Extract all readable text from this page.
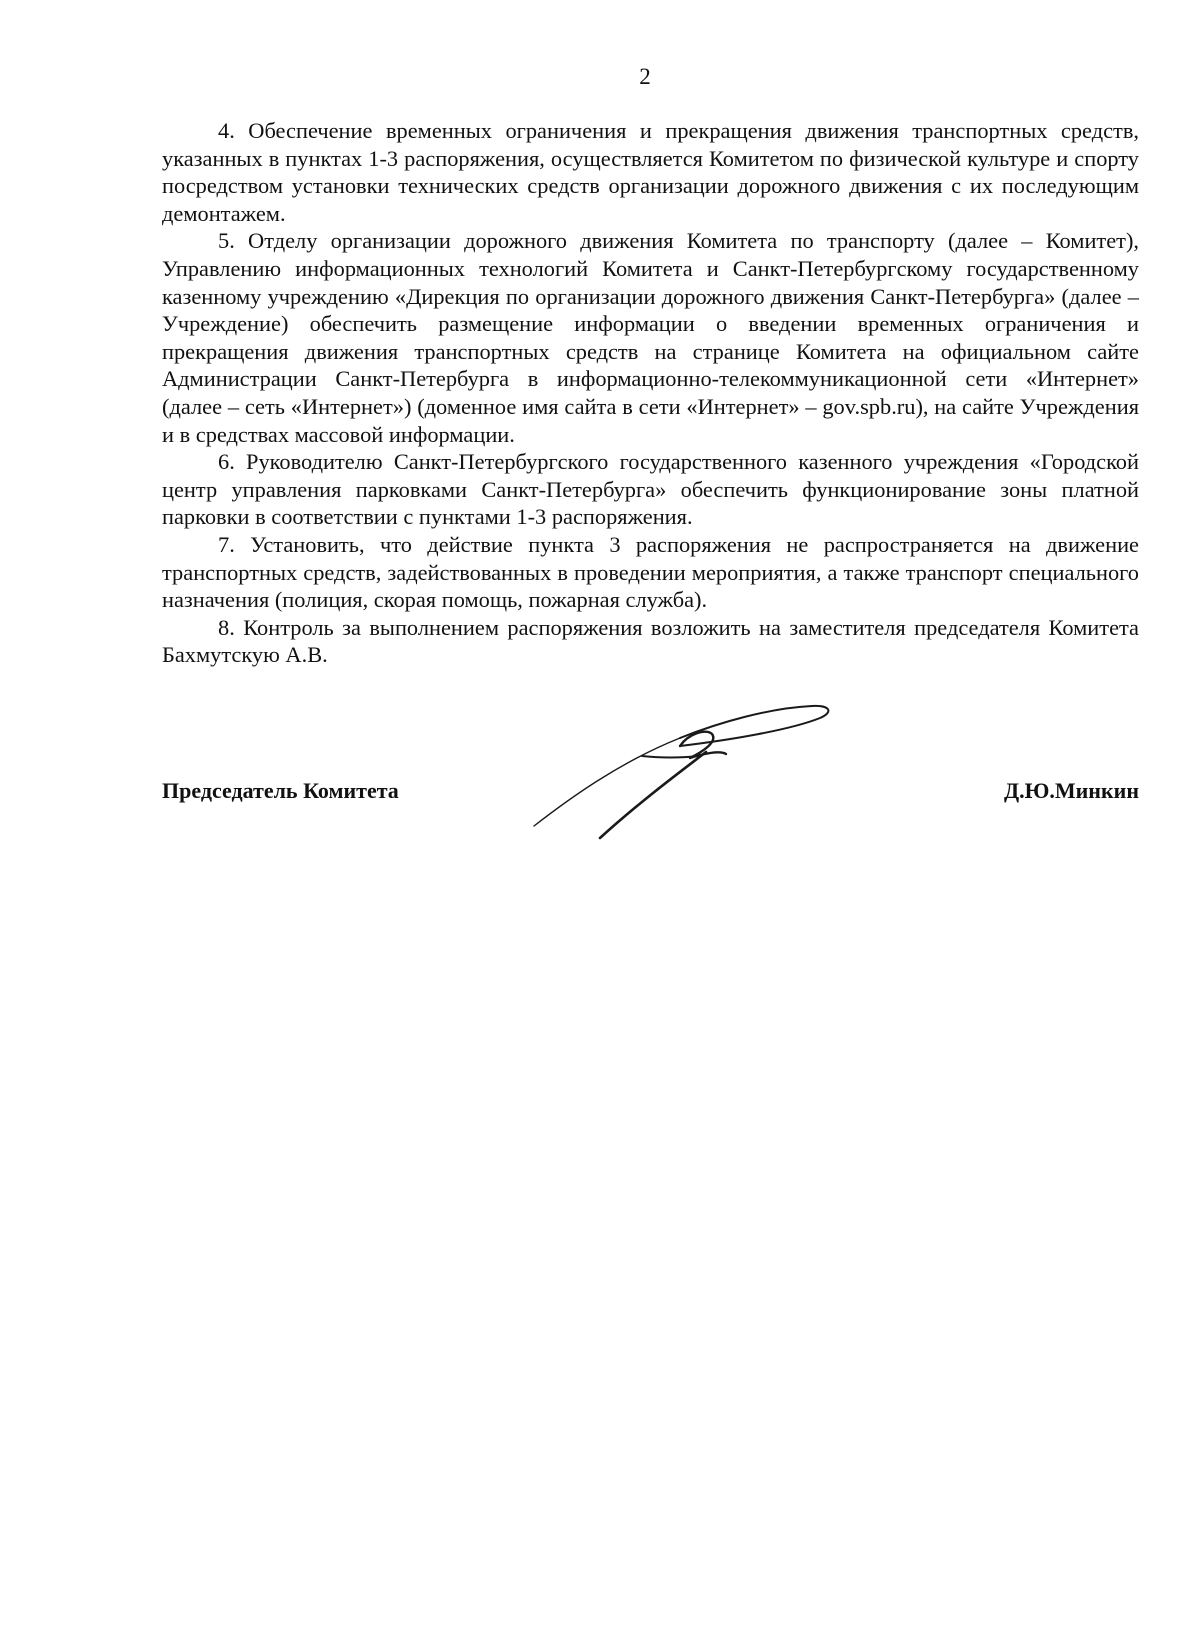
2

4. Обеспечение временных ограничения и прекращения движения транспортных средств, указанных в пунктах 1-3 распоряжения, осуществляется Комитетом по физической культуре и спорту посредством установки технических средств организации дорожного движения с их последующим демонтажем.

5. Отделу организации дорожного движения Комитета по транспорту (далее – Комитет), Управлению информационных технологий Комитета и Санкт-Петербургскому государственному казенному учреждению «Дирекция по организации дорожного движения Санкт-Петербурга» (далее – Учреждение) обеспечить размещение информации о введении временных ограничения и прекращения движения транспортных средств на странице Комитета на официальном сайте Администрации Санкт-Петербурга в информационно-телекоммуникационной сети «Интернет» (далее – сеть «Интернет») (доменное имя сайта в сети «Интернет» – gov.spb.ru), на сайте Учреждения и в средствах массовой информации.

6. Руководителю Санкт-Петербургского государственного казенного учреждения «Городской центр управления парковками Санкт-Петербурга» обеспечить функционирование зоны платной парковки в соответствии с пунктами 1-3 распоряжения.

7. Установить, что действие пункта 3 распоряжения не распространяется на движение транспортных средств, задействованных в проведении мероприятия, а также транспорт специального назначения (полиция, скорая помощь, пожарная служба).

8. Контроль за выполнением распоряжения возложить на заместителя председателя Комитета Бахмутскую А.В.

Председатель Комитета	Д.Ю.Минкин
